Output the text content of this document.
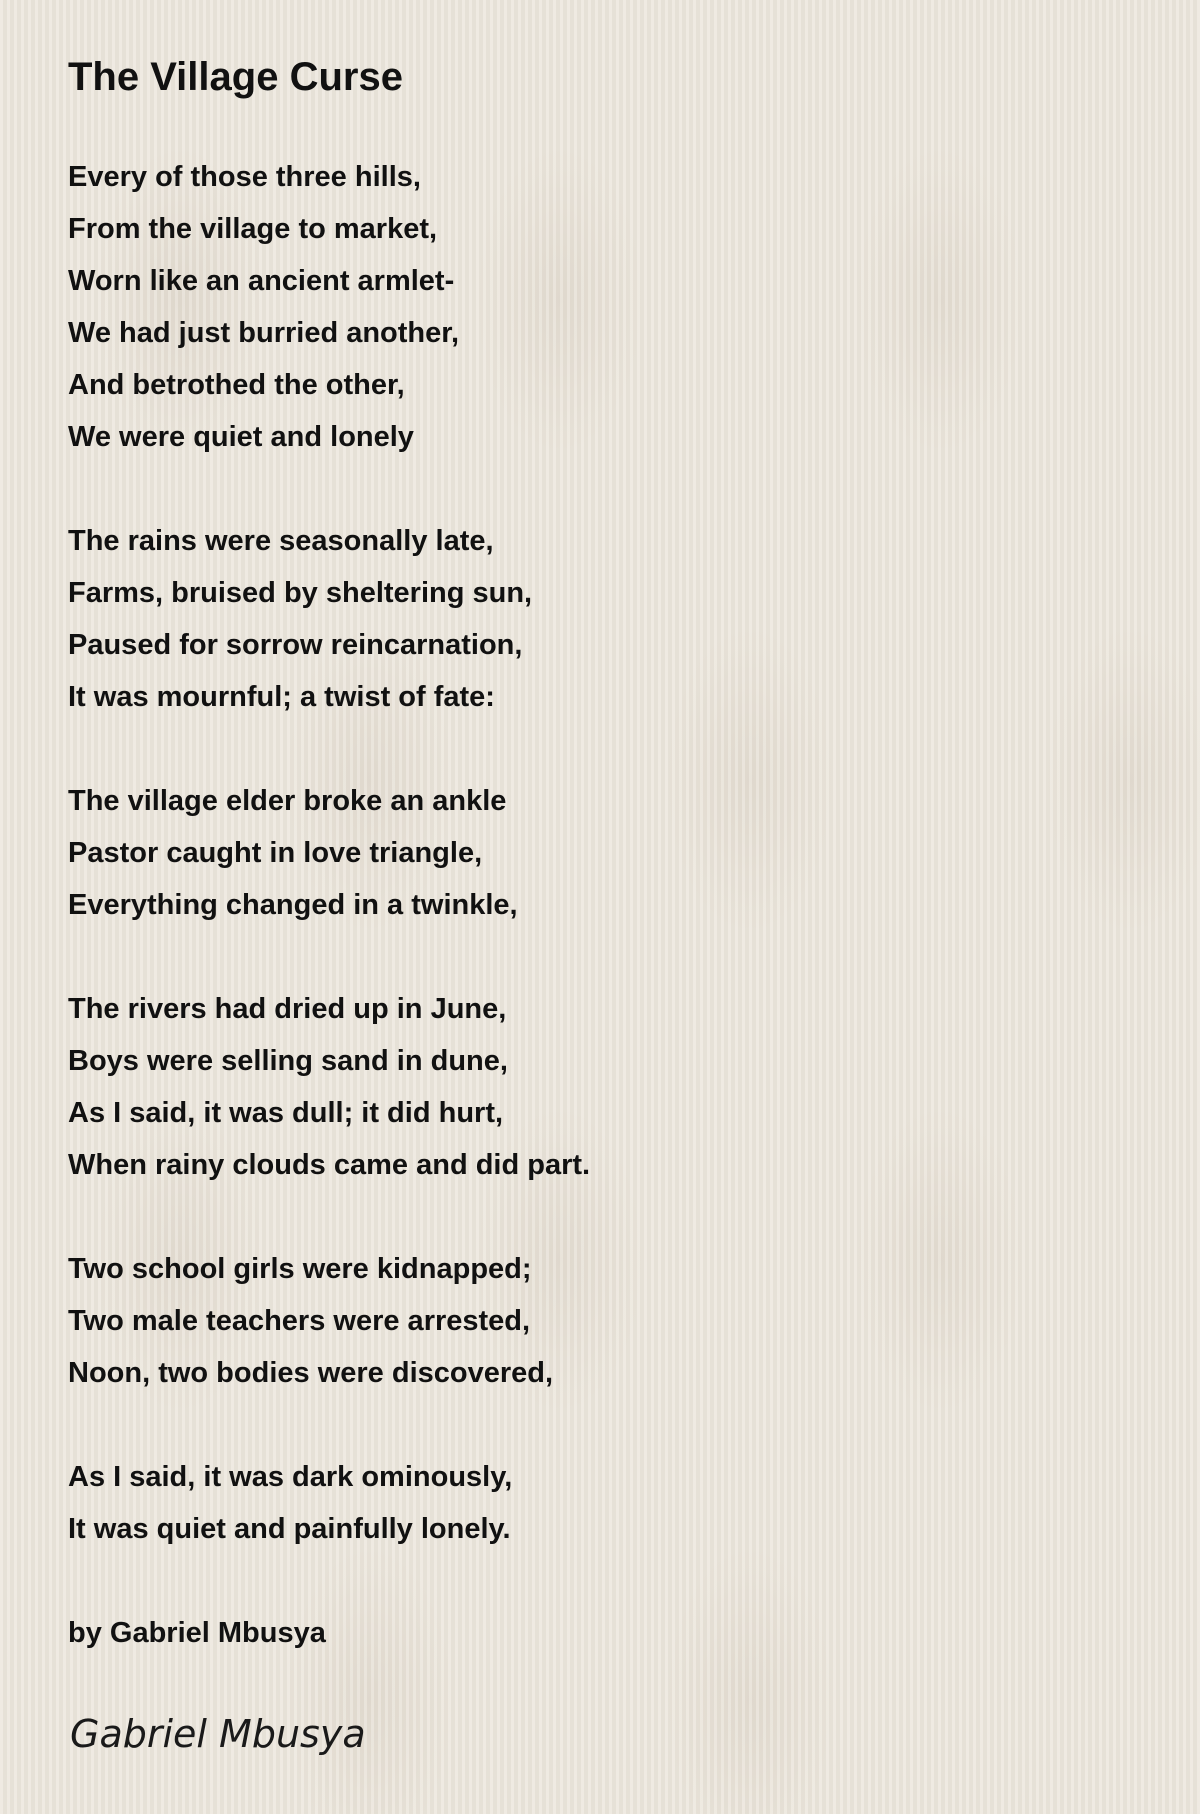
The Village Curse
Every of those three hills,
From the village to market,
Worn like an ancient armlet-
We had just burried another,
And betrothed the other,
We were quiet and lonely
The rains were seasonally late,
Farms, bruised by sheltering sun,
Paused for sorrow reincarnation,
It was mournful; a twist of fate:
The village elder broke an ankle
Pastor caught in love triangle,
Everything changed in a twinkle,
The rivers had dried up in June,
Boys were selling sand in dune,
As I said, it was dull; it did hurt,
When rainy clouds came and did part.
Two school girls were kidnapped;
Two male teachers were arrested,
Noon, two bodies were discovered,
As I said, it was dark ominously,
It was quiet and painfully lonely.

by Gabriel Mbusya

Gabriel Mbusya
